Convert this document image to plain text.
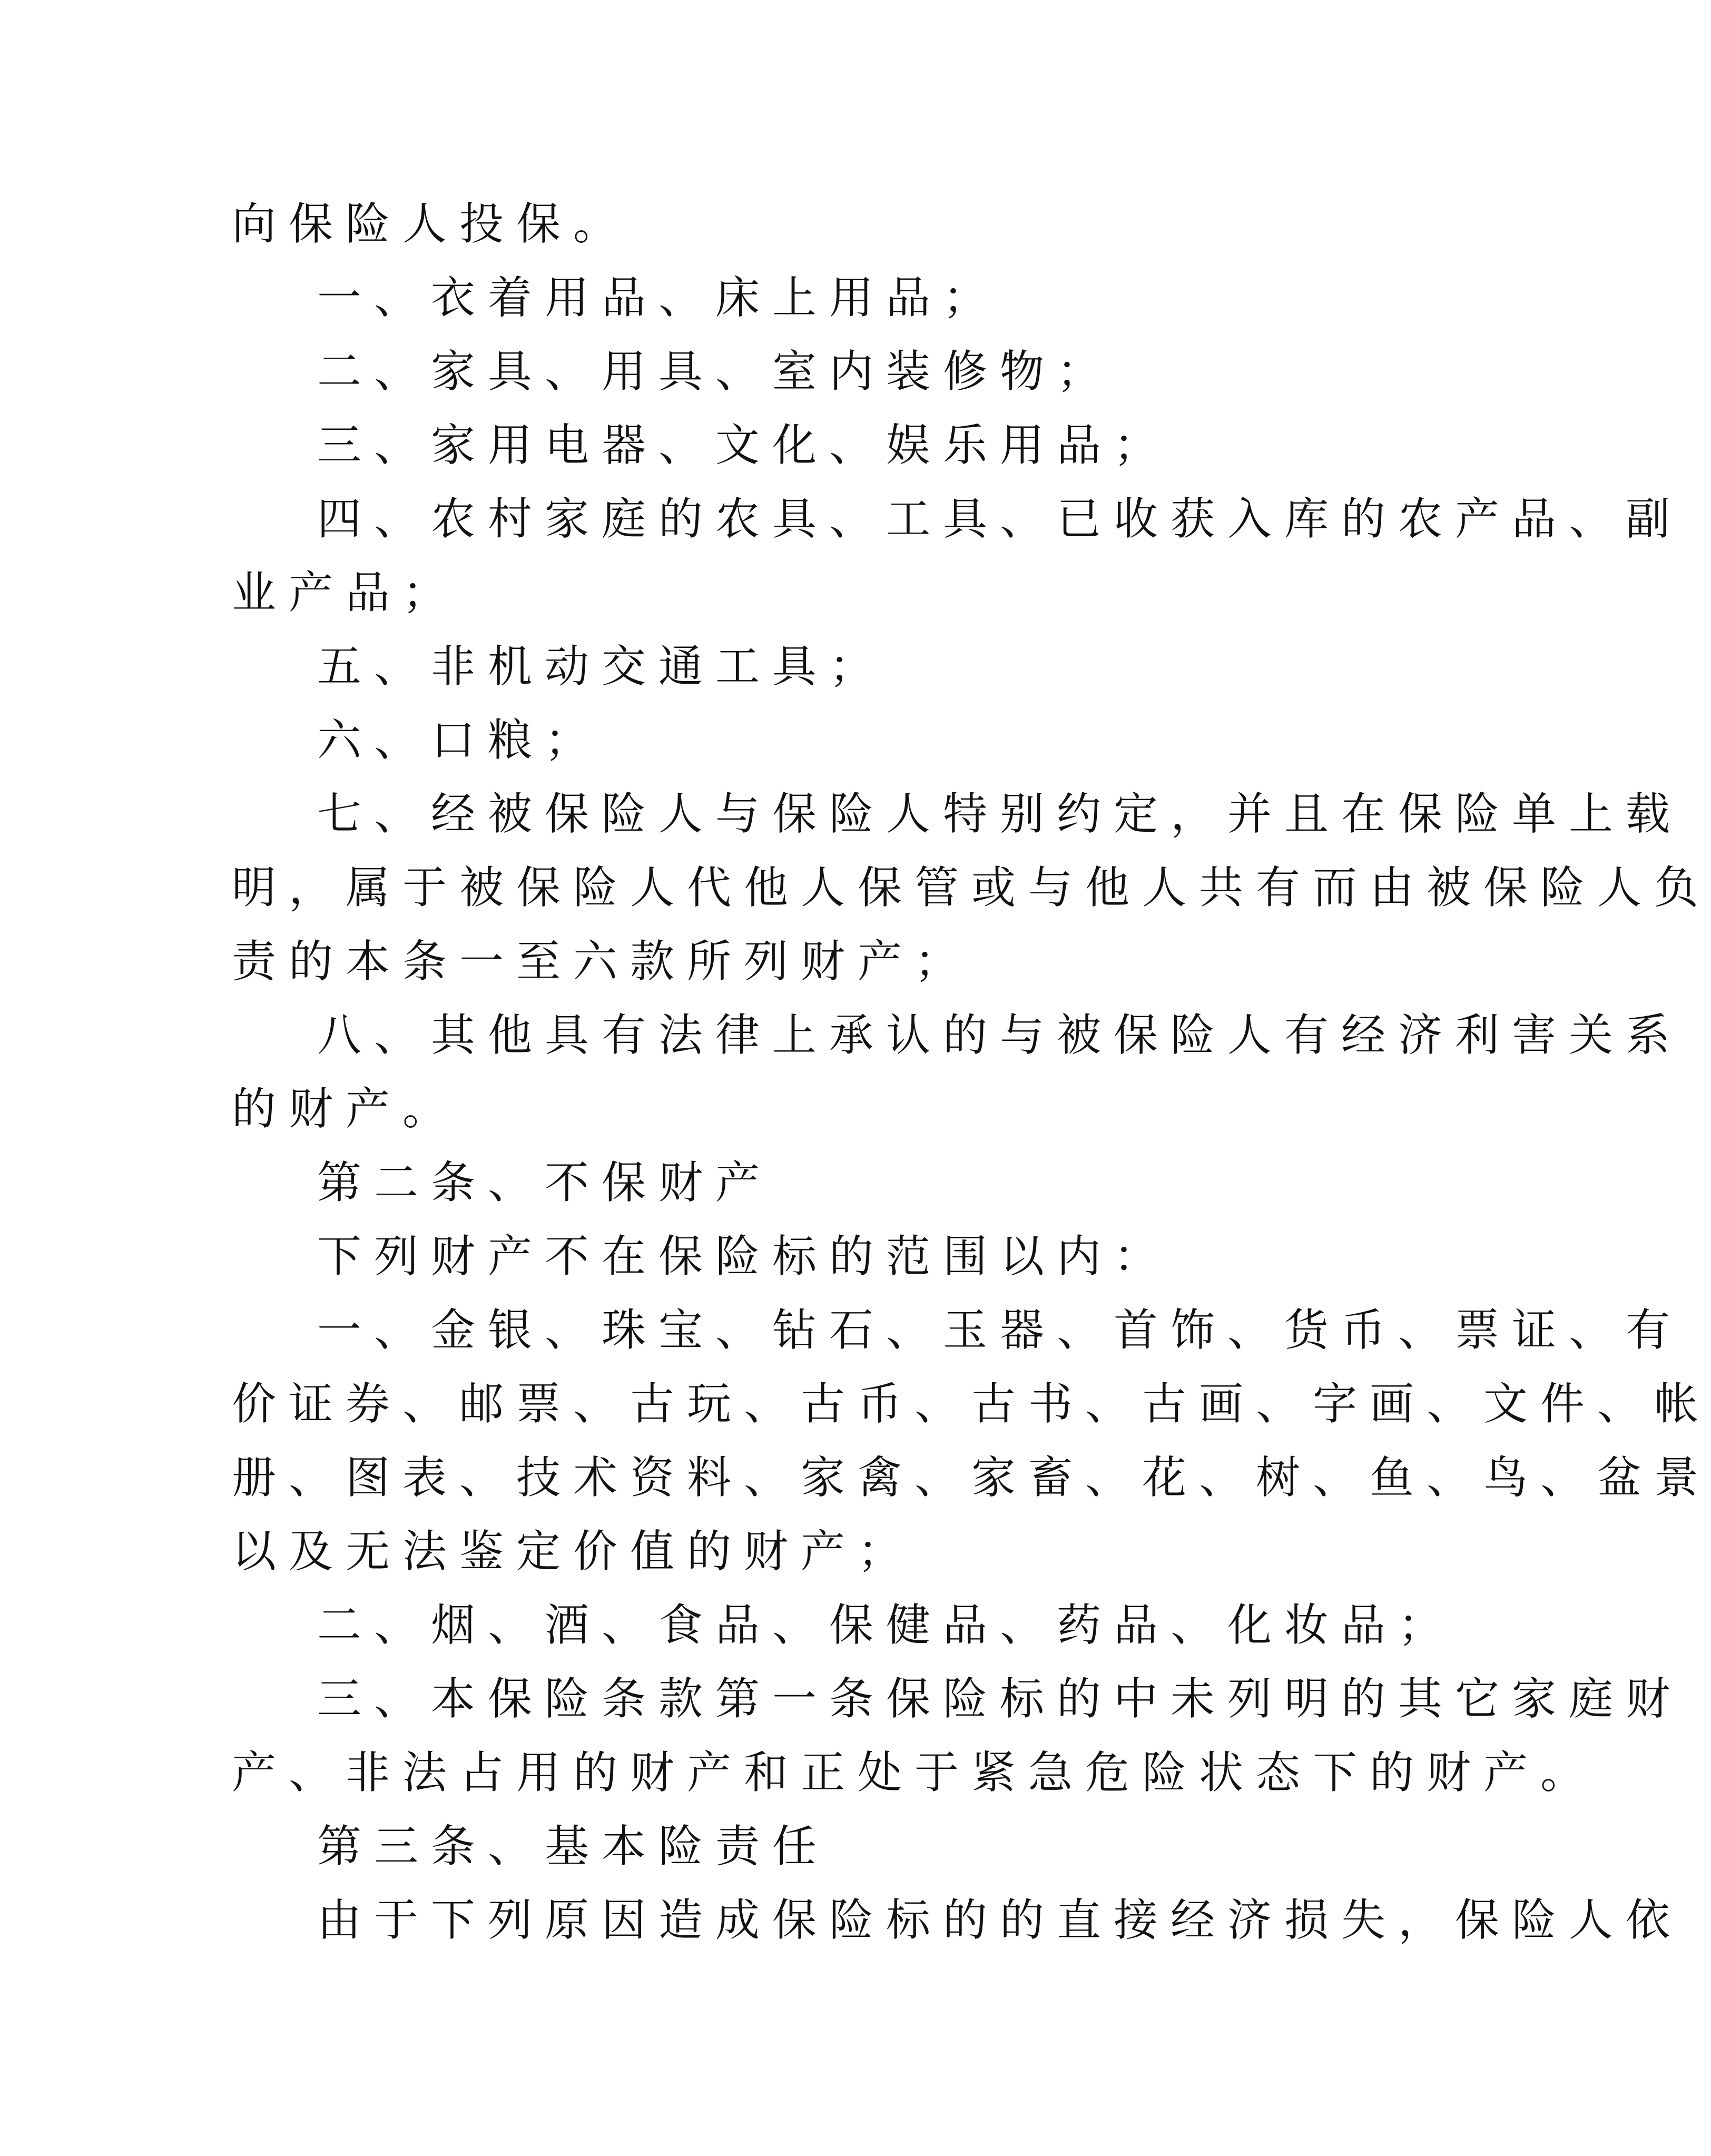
向保险人投保。
一、衣着用品、床上用品；
二、家具、用具、室内装修物；
三、家用电器、文化、娱乐用品；
四、农村家庭的农具、工具、已收获入库的农产品、副
业产品；
五、非机动交通工具；
六、口粮；
七、经被保险人与保险人特别约定，并且在保险单上载
明，属于被保险人代他人保管或与他人共有而由被保险人负
责的本条一至六款所列财产；
八、其他具有法律上承认的与被保险人有经济利害关系
的财产。
第二条、不保财产
下列财产不在保险标的范围以内：
一、金银、珠宝、钻石、玉器、首饰、货币、票证、有
价证券、邮票、古玩、古币、古书、古画、字画、文件、帐
册、图表、技术资料、家禽、家畜、花、树、鱼、鸟、盆景
以及无法鉴定价值的财产；
二、烟、酒、食品、保健品、药品、化妆品；
三、本保险条款第一条保险标的中未列明的其它家庭财
产、非法占用的财产和正处于紧急危险状态下的财产。
第三条、基本险责任
由于下列原因造成保险标的的直接经济损失，保险人依
